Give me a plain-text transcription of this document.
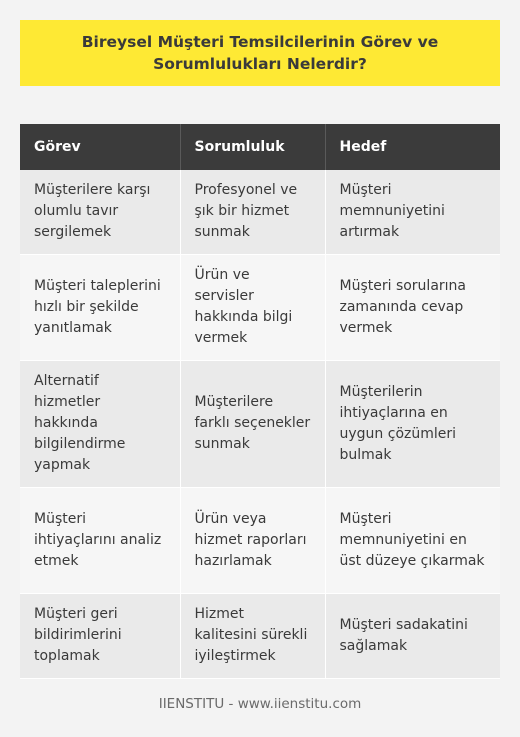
Bireysel Müşteri Temsilcilerinin Görev ve Sorumlulukları Nelerdir?
Görev	Sorumluluk	Hedef
Müşterilere karşı olumlu tavır sergilemek	Profesyonel ve şık bir hizmet sunmak	Müşteri memnuniyetini artırmak
Müşteri taleplerini hızlı bir şekilde yanıtlamak	Ürün ve servisler hakkında bilgi vermek	Müşteri sorularına zamanında cevap vermek
Alternatif hizmetler hakkında bilgilendirme yapmak	Müşterilere farklı seçenekler sunmak	Müşterilerin ihtiyaçlarına en uygun çözümleri bulmak
Müşteri ihtiyaçlarını analiz etmek	Ürün veya hizmet raporları hazırlamak	Müşteri memnuniyetini en üst düzeye çıkarmak
Müşteri geri bildirimlerini toplamak	Hizmet kalitesini sürekli iyileştirmek	Müşteri sadakatini sağlamak
IIENSTITU - www.iienstitu.com
